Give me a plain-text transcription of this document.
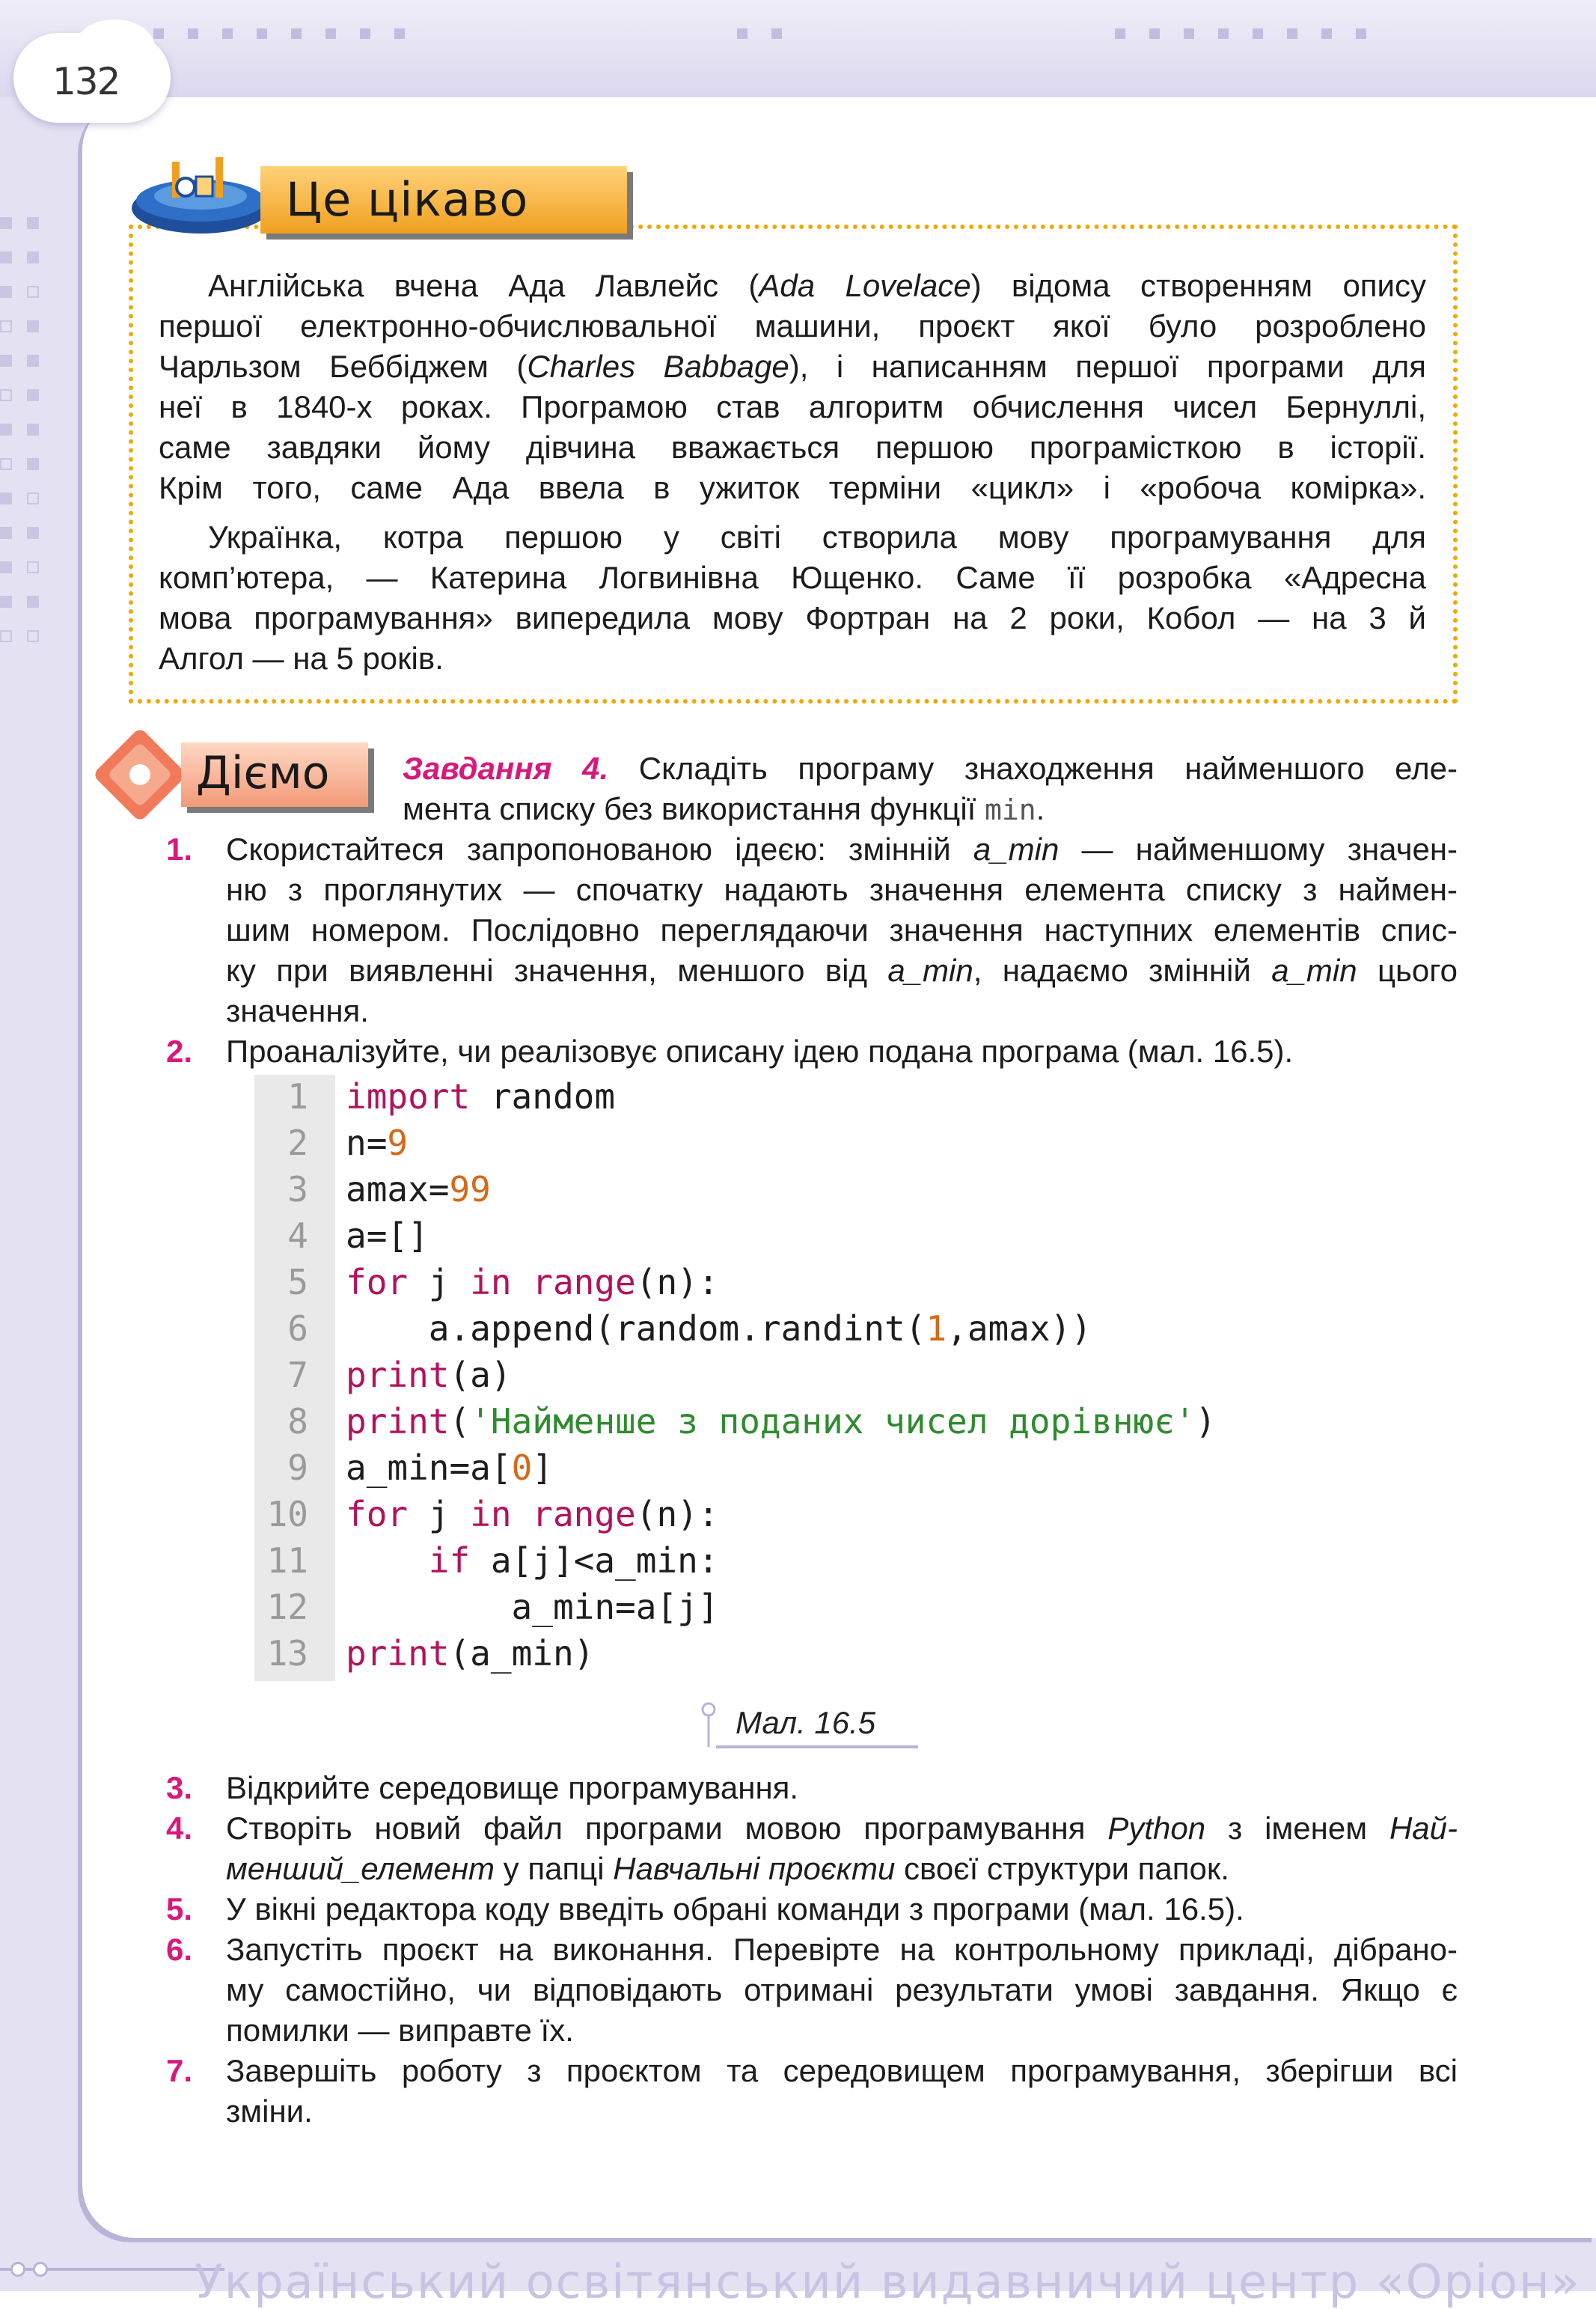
132
Це цікаво
Англійська вчена Ада Лавлейс (Ada Lovelace) відома створенням опису
першої електронно-обчислювальної машини, проєкт якої було розроблено
Чарльзом Беббіджем (Charles Babbage), і написанням першої програми для
неї в 1840-х роках. Програмою став алгоритм обчислення чисел Бернуллі,
саме завдяки йому дівчина вважається першою програмісткою в історії.
Крім того, саме Ада ввела в ужиток терміни «цикл» і «робоча комірка».
Українка, котра першою у світі створила мову програмування для
комп’ютера, — Катерина Логвинівна Ющенко. Саме її розробка «Адресна
мова програмування» випередила мову Фортран на 2 роки, Кобол — на 3 й
Алгол — на 5 років.
Діємо Завдання 4. Складіть програму знаходження найменшого еле-
мента списку без використання функції min.
1. Скористайтеся запропонованою ідеєю: змінній a_min — найменшому значен-
ню з проглянутих — спочатку надають значення елемента списку з наймен-
шим номером. Послідовно переглядаючи значення наступних елементів спис-
ку при виявленні значення, меншого від a_min, надаємо змінній a_min цього
значення.
2. Проаналізуйте, чи реалізовує описану ідею подана програма (мал. 16.5).
1 import random
2 n=9
3 amax=99
4 a=[]
5 for j in range(n):
6 a.append(random.randint(1,amax))
7 print(a)
8 print('Найменше з поданих чисел дорівнює')
9 a_min=a[0]
10 for j in range(n):
11	if a[j]<a_min:
12 a_min=a[j]
13 print(a_min)
Мал. 16.5
3. Відкрийте середовище програмування.
4. Створіть новий файл програми мовою програмування Python з іменем Най-
менший_елемент у папці Навчальні проєкти своєї структури папок.
5. У вікні редактора коду введіть обрані команди з програми (мал. 16.5).
6. Запустіть проєкт на виконання. Перевірте на контрольному прикладі, дібрано-
му самостійно, чи відповідають отримані результати умові завдання. Якщо є
помилки — виправте їх.
7. Завершіть роботу з проєктом та середовищем програмування, зберігши всі
зміни.
Український освітянський видавничий центр «Оріон»
